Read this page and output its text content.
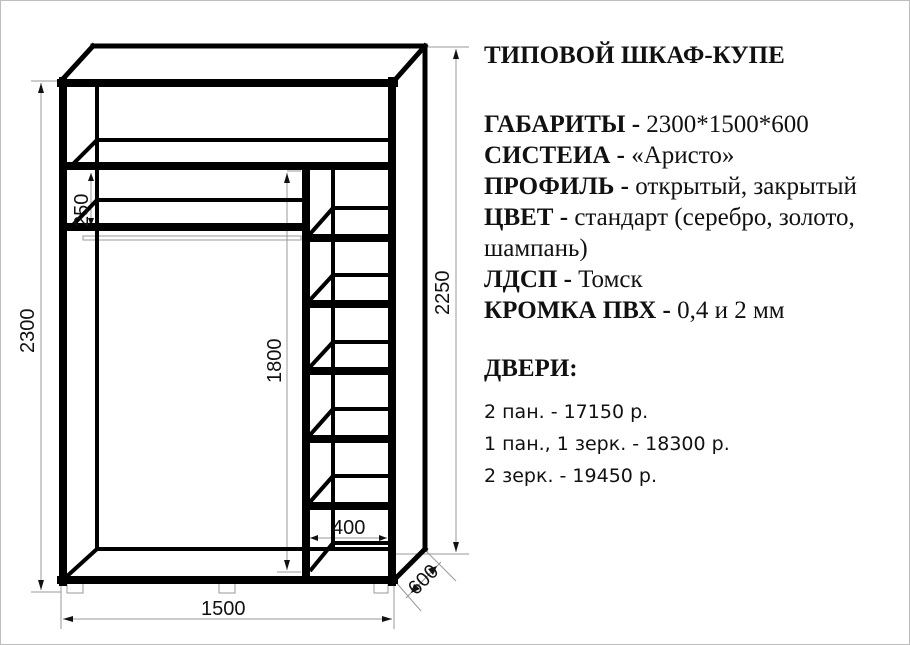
2300
2250
1500
1800
250
400
600
ТИПОВОЙ ШКАФ-КУПЕ
ГАБАРИТЫ - 2300*1500*600
СИСТЕИА - «Аристо»
ПРОФИЛЬ - открытый, закрытый
ЦВЕТ - стандарт (серебро, золото, шампань)
ЛДСП - Томск
КРОМКА ПВХ - 0,4 и 2 мм
ДВЕРИ:
2 пан. - 17150 р.
1 пан., 1 зерк. - 18300 р.
2 зерк. - 19450 р.
